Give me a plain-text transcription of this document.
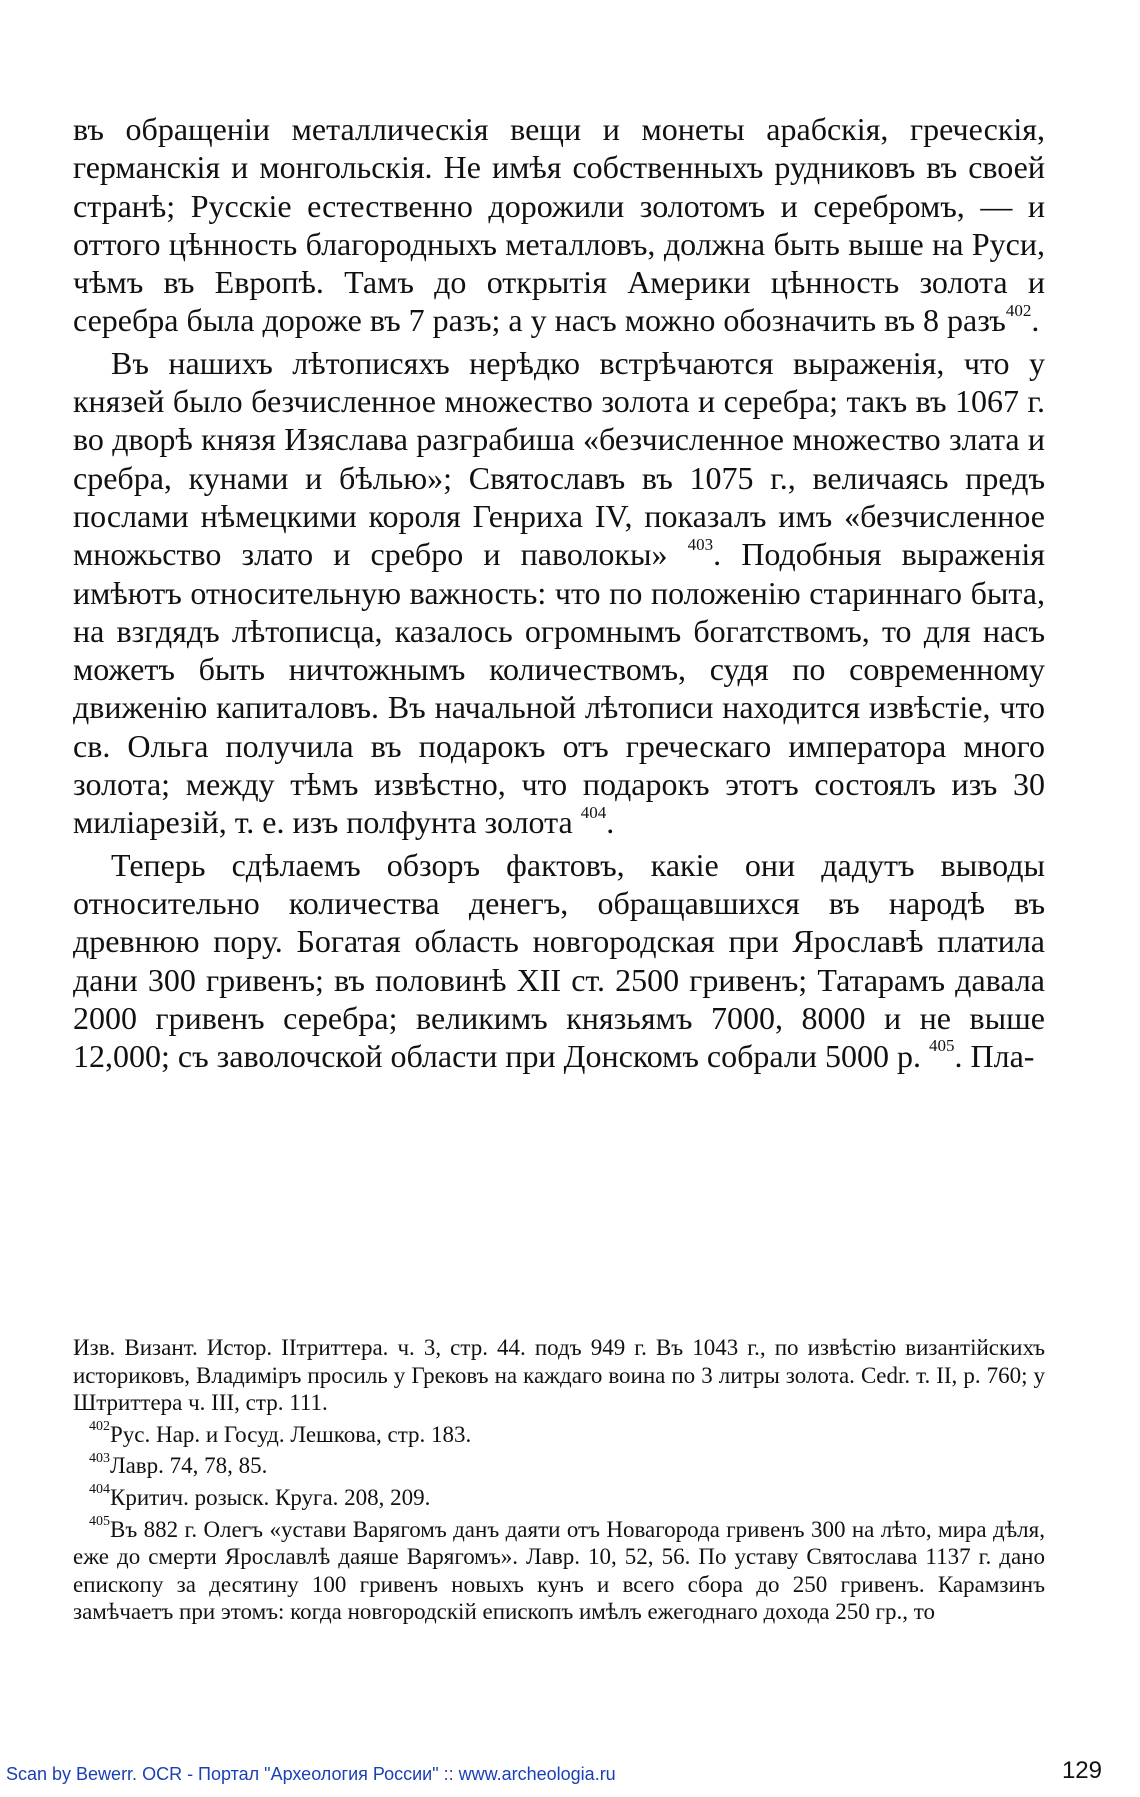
въ обращеніи металлическія вещи и монеты арабскія, греческія, германскія и монгольскія. Не имѣя собственныхъ рудниковъ въ своей странѣ; Русскіе естественно дорожили золотомъ и серебромъ, — и оттого цѣнность благородныхъ металловъ, должна быть выше на Руси, чѣмъ въ Европѣ. Тамъ до открытія Америки цѣнность золота и серебра была дороже въ 7 разъ; а у насъ можно обозначить въ 8 разъ$^{402}$.

Въ нашихъ лѣтописяхъ нерѣдко встрѣчаются выраженія, что у князей было безчисленное множество золота и серебра; такъ въ 1067 г. во дворѣ князя Изяслава разграбиша «безчисленное множество злата и сребра, кунами и бѣлью»; Святославъ въ 1075 г., величаясь предъ послами нѣмецкими короля Генриха IV, показалъ имъ «безчисленное множьство злато и сребро и паволокы» $^{403}$. Подобныя выраженія имѣютъ относительную важность: что по положенію стариннаго быта, на взгдядъ лѣтописца, казалось огромнымъ богатствомъ, то для насъ можетъ быть ничтожнымъ количествомъ, судя по современному движенію капиталовъ. Въ начальной лѣтописи находится извѣстіе, что св. Ольга получила въ подарокъ отъ греческаго императора много золота; между тѣмъ извѣстно, что подарокъ этотъ состоялъ изъ 30 миліарезій, т. е. изъ полфунта золота $^{404}$.

Теперь сдѣлаемъ обзоръ фактовъ, какіе они дадутъ выводы относительно количества денегъ, обращавшихся въ народѣ въ древнюю пору. Богатая область новгородская при Ярославѣ платила дани 300 гривенъ; въ половинѣ XII ст. 2500 гривенъ; Татарамъ давала 2000 гривенъ серебра; великимъ князьямъ 7000, 8000 и не выше 12,000; съ заволочской области при Донскомъ собрали 5000 р. $^{405}$. Пла-

Изв. Визант. Истор. IIтриттера. ч. 3, стр. 44. подъ 949 г. Въ 1043 г., по извѣстію византійскихъ историковъ, Владиміръ просиль у Грековъ на каждаго воина по 3 литры золота. Cedr. т. II, р. 760; у Штриттера ч. III, стр. 111.

$^{402}$Рус. Нар. и Госуд. Лешкова, стр. 183.

$^{403}$Лавр. 74, 78, 85.

$^{404}$Критич. розыск. Круга. 208, 209.

$^{405}$Въ 882 г. Олегъ «устави Варягомъ данъ даяти отъ Новагорода гривенъ 300 на лѣто, мира дѣля, еже до смерти Ярославлѣ даяше Варягомъ». Лавр. 10, 52, 56. По уставу Святослава 1137 г. дано епископу за десятину 100 гривенъ новыхъ кунъ и всего сбора до 250 гривенъ. Карамзинъ замѣчаетъ при этомъ: когда новгородскій епископъ имѣлъ ежегоднаго дохода 250 гр., то

Scan by Bewerr. OCR - Портал "Археология России" :: www.archeologia.ru	129
